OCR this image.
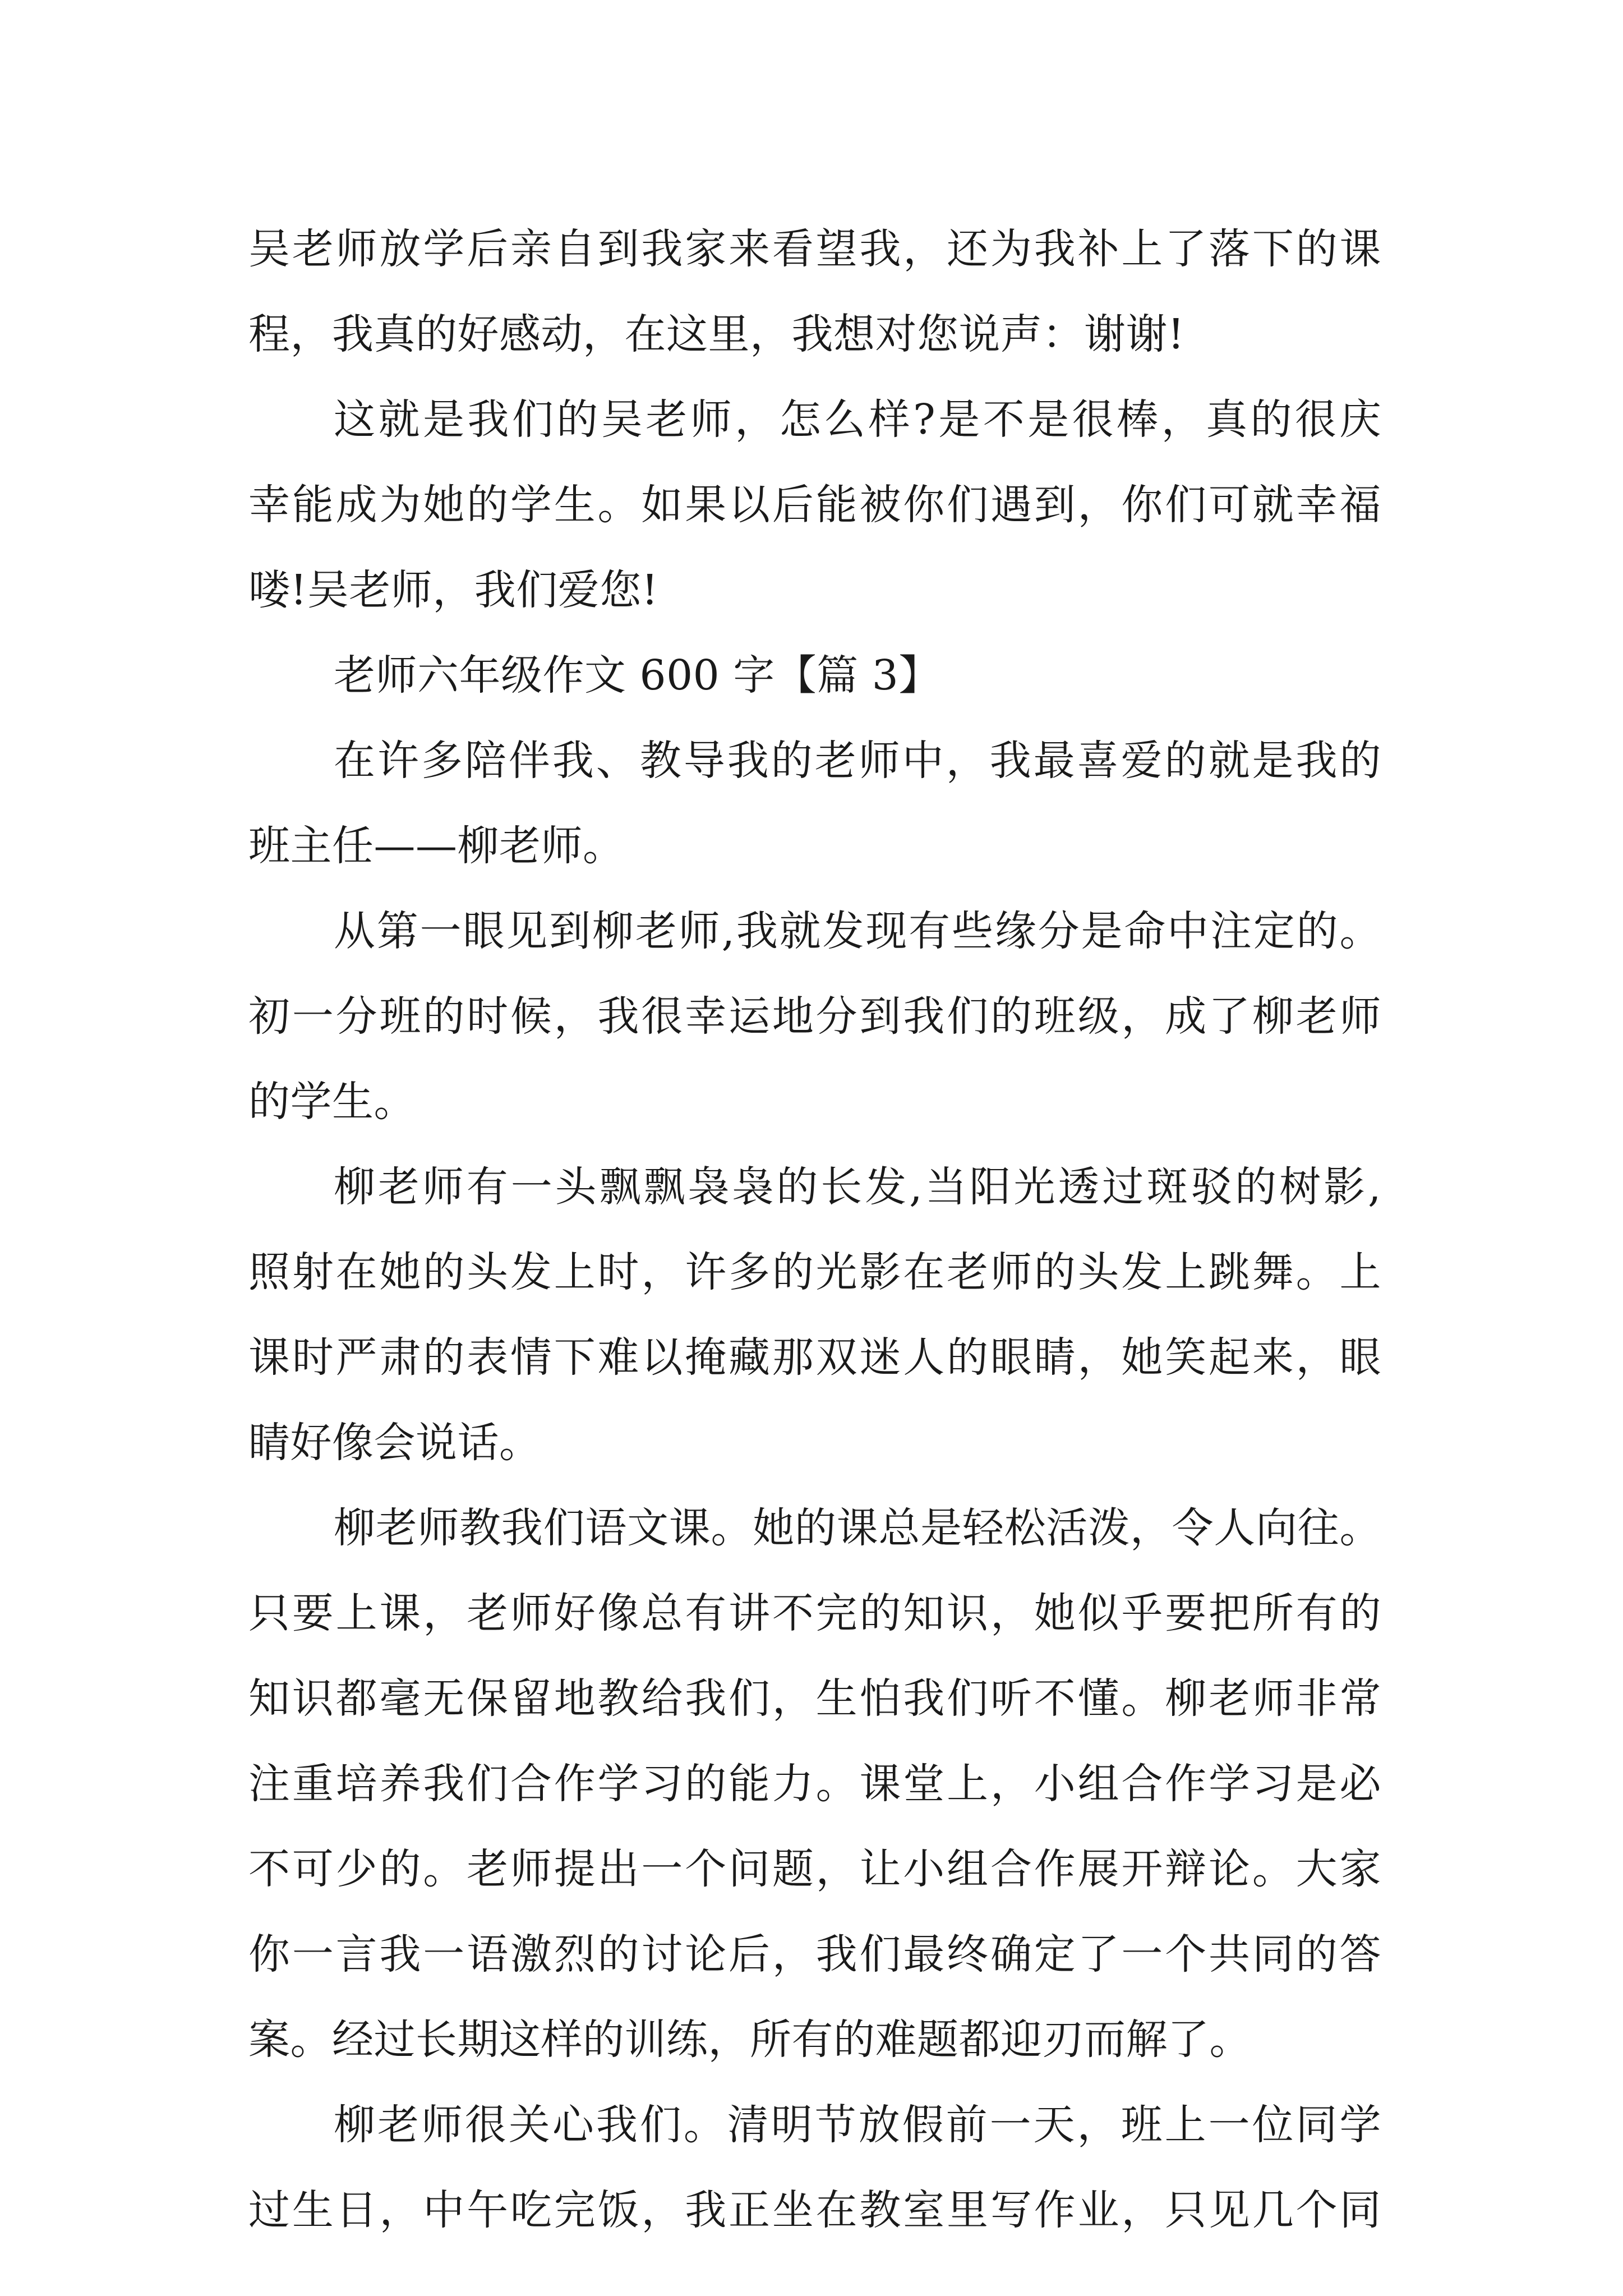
吴老师放学后亲自到我家来看望我，还为我补上了落下的课
程，我真的好感动，在这里，我想对您说声：谢谢!
这就是我们的吴老师，怎么样?是不是很棒，真的很庆
幸能成为她的学生。如果以后能被你们遇到，你们可就幸福
喽!吴老师，我们爱您!
老师六年级作文 600 字【篇 3】
在许多陪伴我、教导我的老师中，我最喜爱的就是我的
班主任——柳老师。
从第一眼见到柳老师,我就发现有些缘分是命中注定的。
初一分班的时候，我很幸运地分到我们的班级，成了柳老师
的学生。
柳老师有一头飘飘袅袅的长发,当阳光透过斑驳的树影,
照射在她的头发上时，许多的光影在老师的头发上跳舞。上
课时严肃的表情下难以掩藏那双迷人的眼睛，她笑起来，眼
睛好像会说话。
柳老师教我们语文课。她的课总是轻松活泼，令人向往。
只要上课，老师好像总有讲不完的知识，她似乎要把所有的
知识都毫无保留地教给我们，生怕我们听不懂。柳老师非常
注重培养我们合作学习的能力。课堂上，小组合作学习是必
不可少的。老师提出一个问题，让小组合作展开辩论。大家
你一言我一语激烈的讨论后，我们最终确定了一个共同的答
案。经过长期这样的训练，所有的难题都迎刃而解了。
柳老师很关心我们。清明节放假前一天，班上一位同学
过生日，中午吃完饭，我正坐在教室里写作业，只见几个同
